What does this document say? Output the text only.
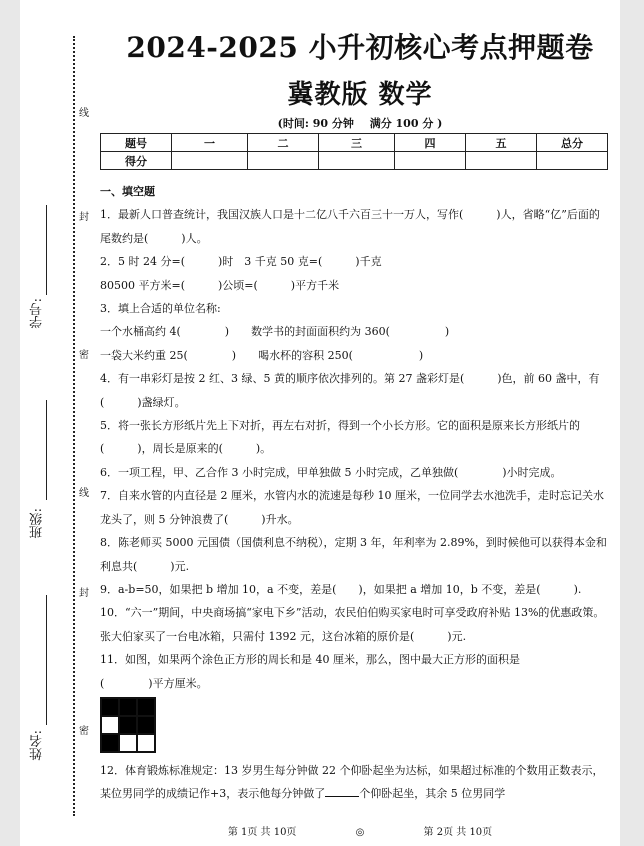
线
封
密
线
封
密
学号:
班级:
姓名:
2024-2025 小升初核心考点押题卷
冀教版 数学
(时间: 90 分钟 满分 100 分 )
题号	一	二	三	四	五	总分
得分						

一、填空题

1．最新人口普查统计，我国汉族人口是十二亿八千六百三十一万人，写作(　　　)人，省略“亿”后面的尾数约是(　　　)人。

2．5 时 24 分=(　　　)时　3 千克 50 克=(　　　)千克

80500 平方米=(　　　)公顷=(　　　)平方千米

3．填上合适的单位名称:

一个水桶高约 4(　　　　)　　数学书的封面面积约为 360(　　　　　)

一袋大米约重 25(　　　　)　　喝水杯的容积 250(　　　　　　)

4．有一串彩灯是按 2 红、3 绿、5 黄的顺序依次排列的。第 27 盏彩灯是(　　　)色，前 60 盏中，有(　　　)盏绿灯。

5．将一张长方形纸片先上下对折，再左右对折，得到一个小长方形。它的面积是原来长方形纸片的(　　　)，周长是原来的(　　　)。

6．一项工程，甲、乙合作 3 小时完成，甲单独做 5 小时完成，乙单独做(　　　　)小时完成。

7．自来水管的内直径是 2 厘米，水管内水的流速是每秒 10 厘米，一位同学去水池洗手，走时忘记关水龙头了，则 5 分钟浪费了(　　　)升水。

8．陈老师买 5000 元国债（国债利息不纳税），定期 3 年，年利率为 2.89%，到时候他可以获得本金和利息共(　　　)元.

9．a-b=50，如果把 b 增加 10，a 不变，差是(　　)，如果把 a 增加 10，b 不变，差是(　　　).

10．“六一”期间，中央商场搞“家电下乡”活动，农民伯伯购买家电时可享受政府补贴 13%的优惠政策。张大伯家买了一台电冰箱，只需付 1392 元，这台冰箱的原价是(　　　)元.

11．如图，如果两个涂色正方形的周长和是 40 厘米，那么，图中最大正方形的面积是

(　　　　)平方厘米。

12．体育锻炼标准规定：13 岁男生每分钟做 22 个仰卧起坐为达标，如果超过标准的个数用正数表示，某位男同学的成绩记作+3，表示他每分钟做了	个仰卧起坐，其余 5 位男同学

第 1页 共 10页	◎	第 2页 共 10页
